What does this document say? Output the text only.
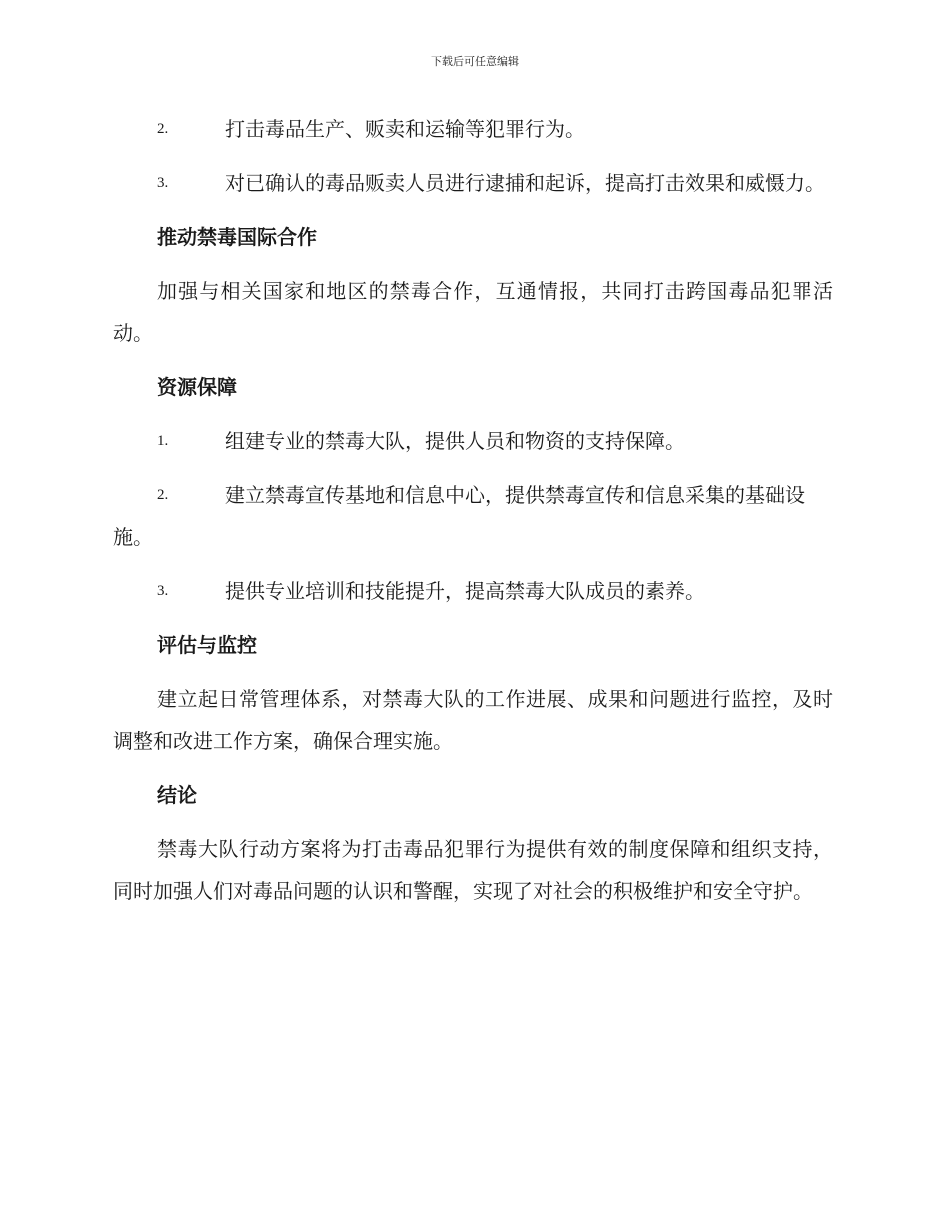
下载后可任意编辑
2.	打击毒品生产、贩卖和运输等犯罪行为。
3.	对已确认的毒品贩卖人员进行逮捕和起诉，提高打击效果和威慑力。
推动禁毒国际合作

加强与相关国家和地区的禁毒合作，互通情报，共同打击跨国毒品犯罪活动。

资源保障
1.	组建专业的禁毒大队，提供人员和物资的支持保障。
2.	建立禁毒宣传基地和信息中心，提供禁毒宣传和信息采集的基础设施。
3.	提供专业培训和技能提升，提高禁毒大队成员的素养。
评估与监控

建立起日常管理体系，对禁毒大队的工作进展、成果和问题进行监控，及时调整和改进工作方案，确保合理实施。

结论

禁毒大队行动方案将为打击毒品犯罪行为提供有效的制度保障和组织支持，同时加强人们对毒品问题的认识和警醒，实现了对社会的积极维护和安全守护。
